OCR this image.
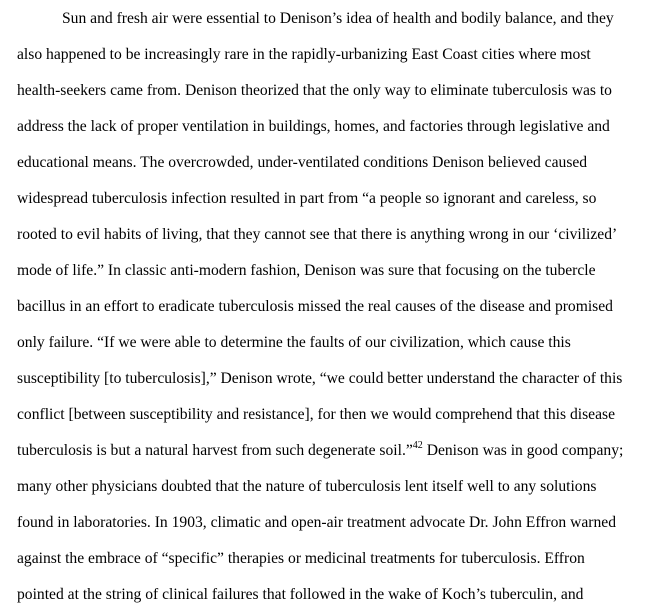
Sun and fresh air were essential to Denison’s idea of health and bodily balance, and they
also happened to be increasingly rare in the rapidly-urbanizing East Coast cities where most
health-seekers came from. Denison theorized that the only way to eliminate tuberculosis was to
address the lack of proper ventilation in buildings, homes, and factories through legislative and
educational means. The overcrowded, under-ventilated conditions Denison believed caused
widespread tuberculosis infection resulted in part from “a people so ignorant and careless, so
rooted to evil habits of living, that they cannot see that there is anything wrong in our ‘civilized’
mode of life.” In classic anti-modern fashion, Denison was sure that focusing on the tubercle
bacillus in an effort to eradicate tuberculosis missed the real causes of the disease and promised
only failure. “If we were able to determine the faults of our civilization, which cause this
susceptibility [to tuberculosis],” Denison wrote, “we could better understand the character of this
conflict [between susceptibility and resistance], for then we would comprehend that this disease
tuberculosis is but a natural harvest from such degenerate soil.”$^{42}$ Denison was in good company;
many other physicians doubted that the nature of tuberculosis lent itself well to any solutions
found in laboratories. In 1903, climatic and open-air treatment advocate Dr. John Effron warned
against the embrace of “specific” therapies or medicinal treatments for tuberculosis. Effron
pointed at the string of clinical failures that followed in the wake of Koch’s tuberculin, and
